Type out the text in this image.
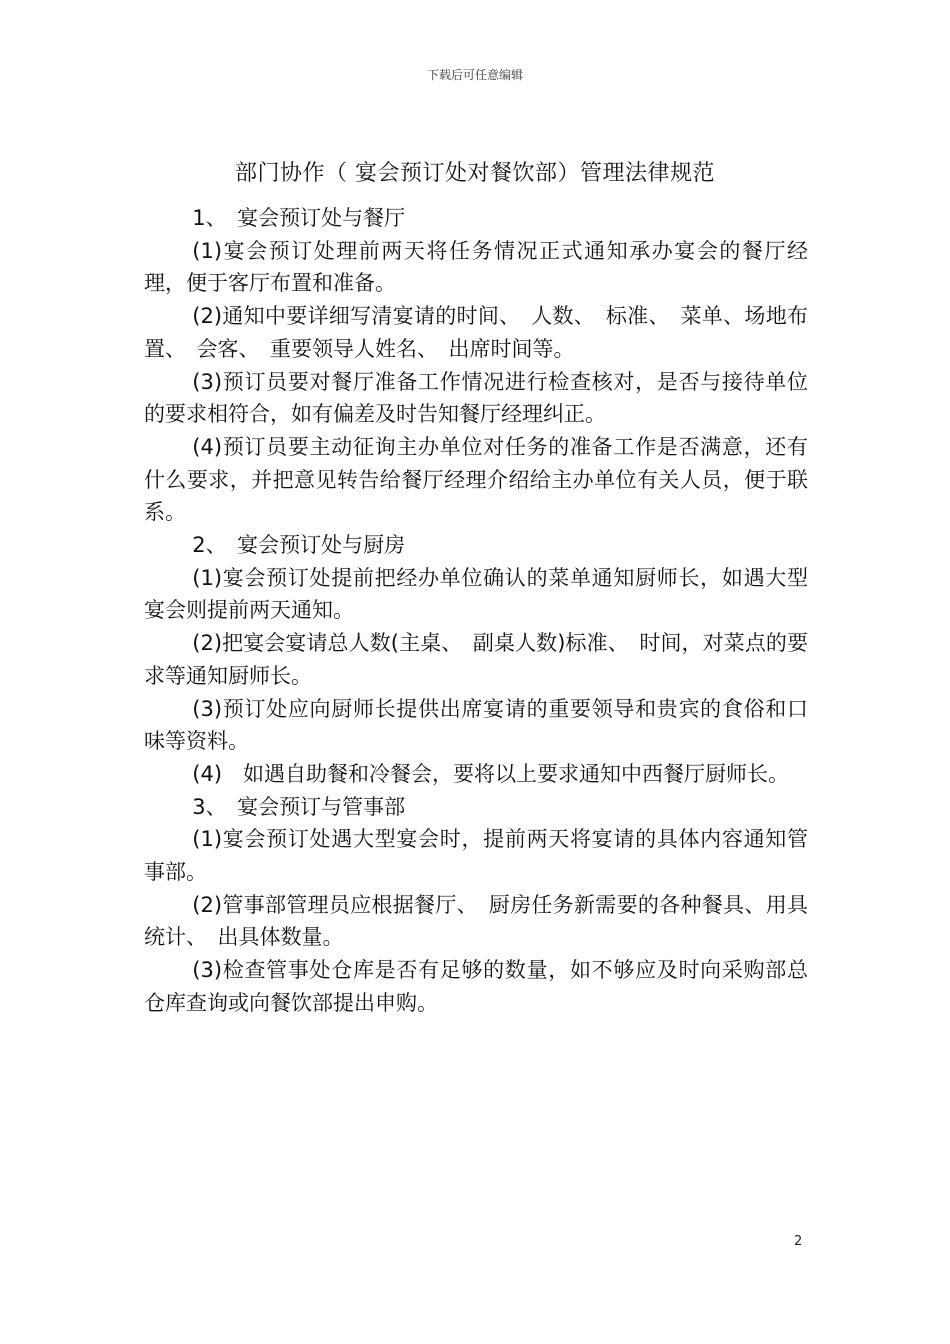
下载后可任意编辑
部门协作（ 宴会预订处对餐饮部）管理法律规范

1、　宴会预订处与餐厅

(1)宴会预订处理前两天将任务情况正式通知承办宴会的餐厅经理，便于客厅布置和准备。

(2)通知中要详细写清宴请的时间、　人数、　标准、　菜单、场地布置、　会客、　重要领导人姓名、　出席时间等。

(3)预订员要对餐厅准备工作情况进行检查核对，是否与接待单位的要求相符合，如有偏差及时告知餐厅经理纠正。

(4)预订员要主动征询主办单位对任务的准备工作是否满意，还有什么要求，并把意见转告给餐厅经理介绍给主办单位有关人员，便于联系。

2、　宴会预订处与厨房

(1)宴会预订处提前把经办单位确认的菜单通知厨师长，如遇大型宴会则提前两天通知。

(2)把宴会宴请总人数(主桌、　副桌人数)标准、　时间，对菜点的要求等通知厨师长。

(3)预订处应向厨师长提供出席宴请的重要领导和贵宾的食俗和口味等资料。

(4)　如遇自助餐和冷餐会，要将以上要求通知中西餐厅厨师长。

3、　宴会预订与管事部

(1)宴会预订处遇大型宴会时，提前两天将宴请的具体内容通知管事部。

(2)管事部管理员应根据餐厅、　厨房任务新需要的各种餐具、用具统计、　出具体数量。

(3)检查管事处仓库是否有足够的数量，如不够应及时向采购部总仓库查询或向餐饮部提出申购。

2
